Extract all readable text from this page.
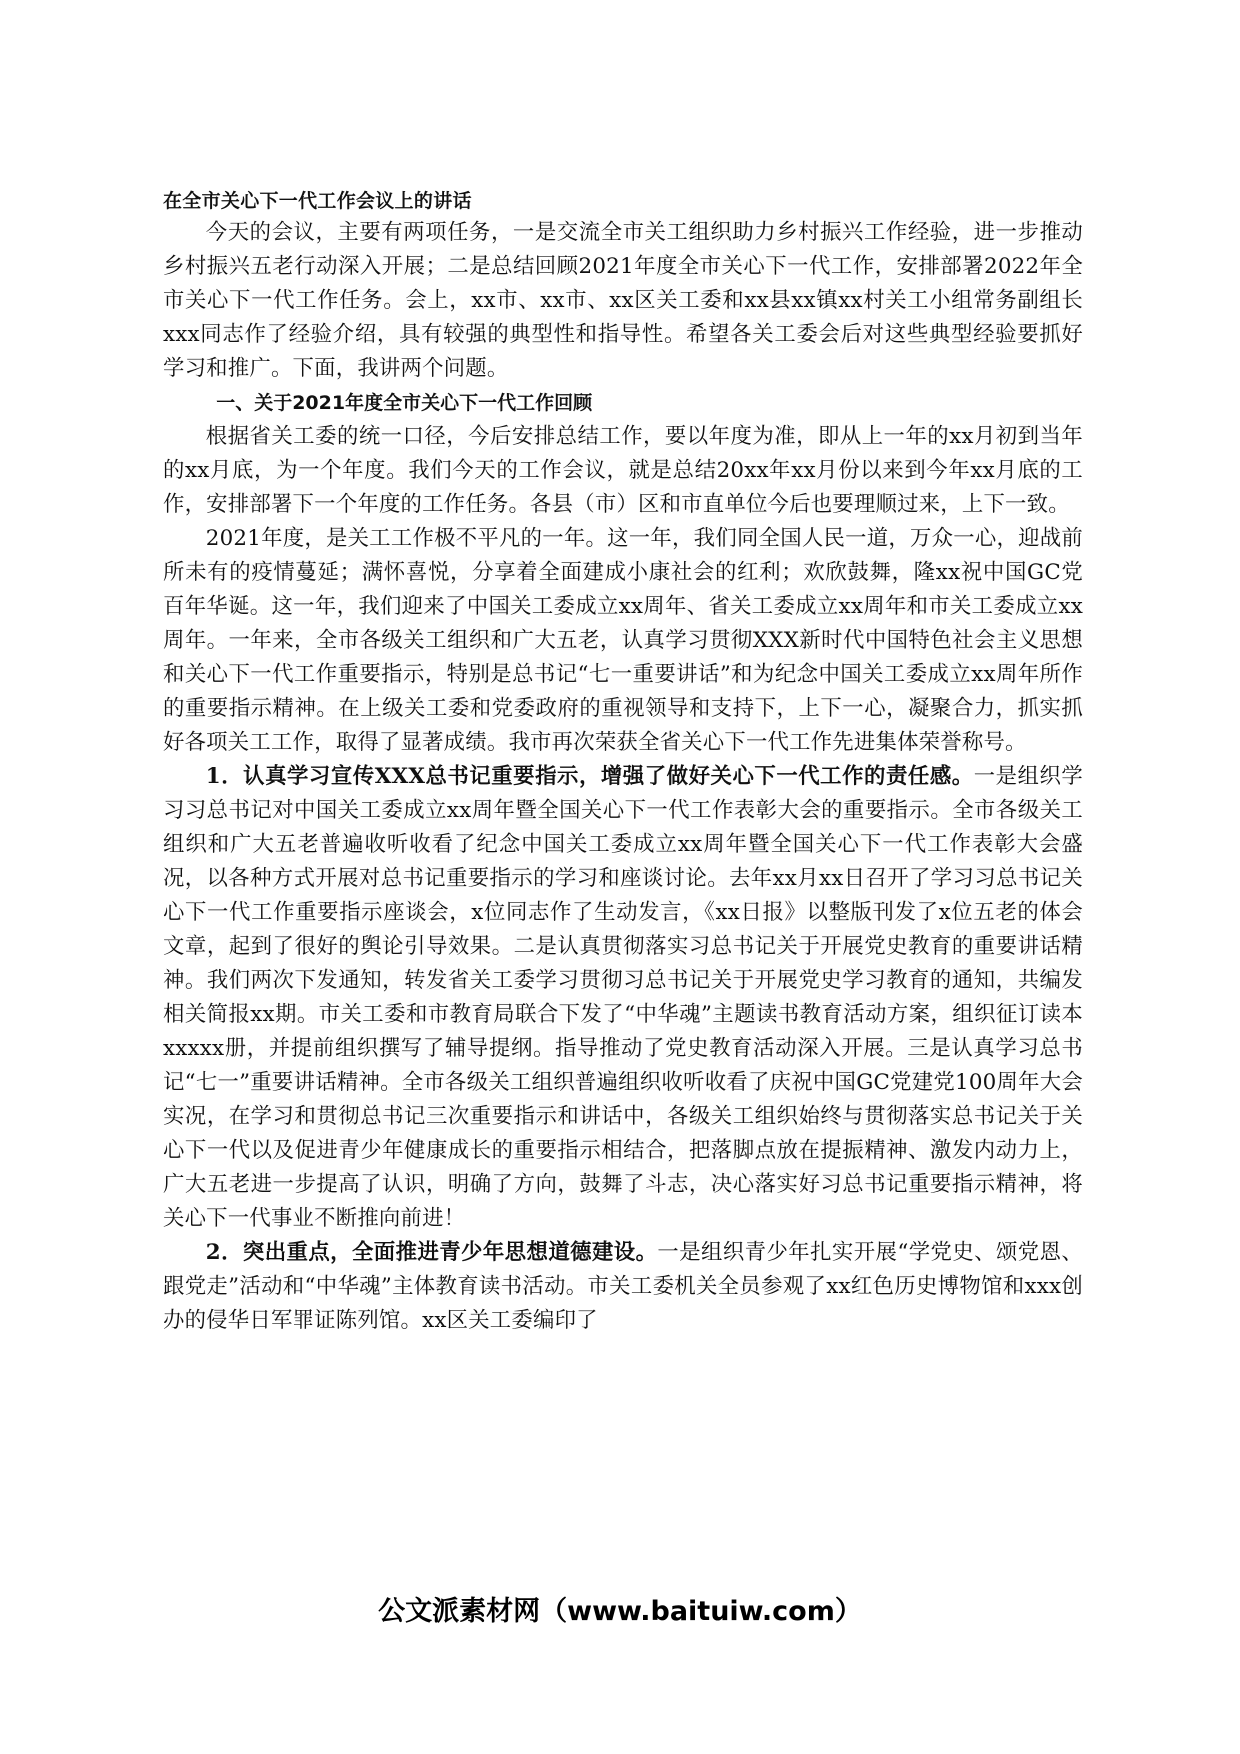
在全市关心下一代工作会议上的讲话

今天的会议，主要有两项任务，一是交流全市关工组织助力乡村振兴工作经验，进一步推动乡村振兴五老行动深入开展；二是总结回顾2021年度全市关心下一代工作，安排部署2022年全市关心下一代工作任务。会上，xx市、xx市、xx区关工委和xx县xx镇xx村关工小组常务副组长xxx同志作了经验介绍，具有较强的典型性和指导性。希望各关工委会后对这些典型经验要抓好学习和推广。下面，我讲两个问题。

一、关于2021年度全市关心下一代工作回顾

根据省关工委的统一口径，今后安排总结工作，要以年度为准，即从上一年的xx月初到当年的xx月底，为一个年度。我们今天的工作会议，就是总结20xx年xx月份以来到今年xx月底的工作，安排部署下一个年度的工作任务。各县（市）区和市直单位今后也要理顺过来，上下一致。

2021年度，是关工工作极不平凡的一年。这一年，我们同全国人民一道，万众一心，迎战前所未有的疫情蔓延；满怀喜悦，分享着全面建成小康社会的红利；欢欣鼓舞，隆xx祝中国GC党百年华诞。这一年，我们迎来了中国关工委成立xx周年、省关工委成立xx周年和市关工委成立xx周年。一年来，全市各级关工组织和广大五老，认真学习贯彻XXX新时代中国特色社会主义思想和关心下一代工作重要指示，特别是总书记“七一重要讲话”和为纪念中国关工委成立xx周年所作的重要指示精神。在上级关工委和党委政府的重视领导和支持下，上下一心，凝聚合力，抓实抓好各项关工工作，取得了显著成绩。我市再次荣获全省关心下一代工作先进集体荣誉称号。

1．认真学习宣传XXX总书记重要指示，增强了做好关心下一代工作的责任感。一是组织学习习总书记对中国关工委成立xx周年暨全国关心下一代工作表彰大会的重要指示。全市各级关工组织和广大五老普遍收听收看了纪念中国关工委成立xx周年暨全国关心下一代工作表彰大会盛况，以各种方式开展对总书记重要指示的学习和座谈讨论。去年xx月xx日召开了学习习总书记关心下一代工作重要指示座谈会，x位同志作了生动发言，《xx日报》以整版刊发了x位五老的体会文章，起到了很好的舆论引导效果。二是认真贯彻落实习总书记关于开展党史教育的重要讲话精神。我们两次下发通知，转发省关工委学习贯彻习总书记关于开展党史学习教育的通知，共编发相关简报xx期。市关工委和市教育局联合下发了“中华魂”主题读书教育活动方案，组织征订读本xxxxx册，并提前组织撰写了辅导提纲。指导推动了党史教育活动深入开展。三是认真学习总书记“七一”重要讲话精神。全市各级关工组织普遍组织收听收看了庆祝中国GC党建党100周年大会实况，在学习和贯彻总书记三次重要指示和讲话中，各级关工组织始终与贯彻落实总书记关于关心下一代以及促进青少年健康成长的重要指示相结合，把落脚点放在提振精神、激发内动力上，广大五老进一步提高了认识，明确了方向，鼓舞了斗志，决心落实好习总书记重要指示精神，将关心下一代事业不断推向前进！

2．突出重点，全面推进青少年思想道德建设。一是组织青少年扎实开展“学党史、颂党恩、跟党走”活动和“中华魂”主体教育读书活动。市关工委机关全员参观了xx红色历史博物馆和xxx创办的侵华日军罪证陈列馆。xx区关工委编印了

公文派素材网（www.baituiw.com）
